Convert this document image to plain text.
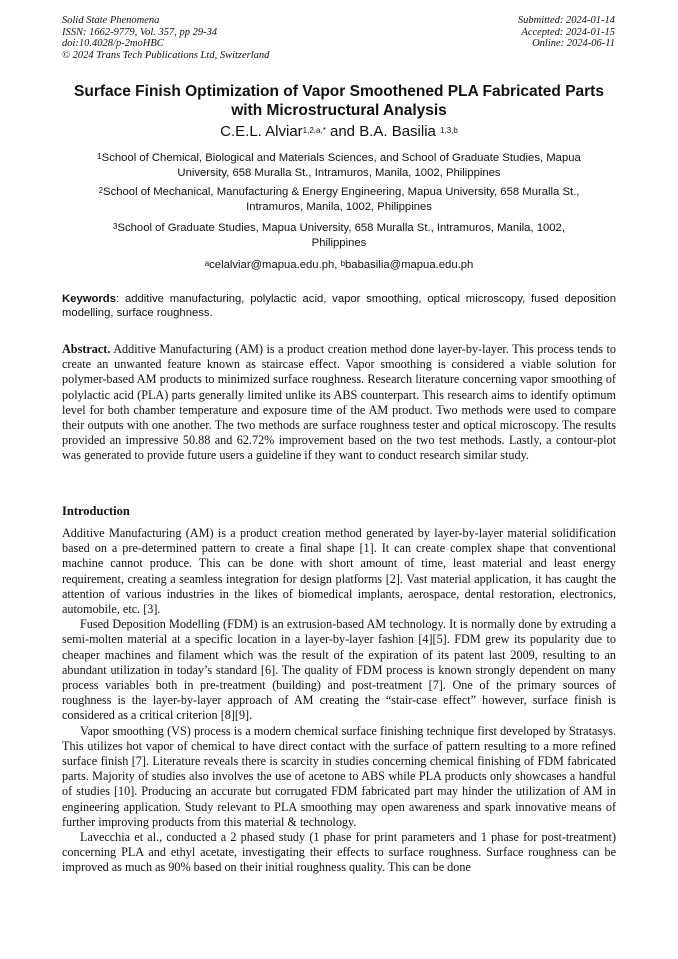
Solid State Phenomena
ISSN: 1662-9779, Vol. 357, pp 29-34
doi:10.4028/p-2moHBC
© 2024 Trans Tech Publications Ltd, Switzerland
Submitted: 2024-01-14
Accepted: 2024-01-15
Online: 2024-06-11
Surface Finish Optimization of Vapor Smoothened PLA Fabricated Parts
with Microstructural Analysis
C.E.L. Alviar$^{1,2,a,*}$ and B.A. Basilia $^{1,3,b}$
$^1$School of Chemical, Biological and Materials Sciences, and School of Graduate Studies, Mapua
University, 658 Muralla St., Intramuros, Manila, 1002, Philippines
$^2$School of Mechanical, Manufacturing & Energy Engineering, Mapua University, 658 Muralla St.,
Intramuros, Manila, 1002, Philippines
$^3$School of Graduate Studies, Mapua University, 658 Muralla St., Intramuros, Manila, 1002,
Philippines
$^a$celalviar@mapua.edu.ph, $^b$babasilia@mapua.edu.ph
Keywords: additive manufacturing, polylactic acid, vapor smoothing, optical microscopy, fused deposition modelling, surface roughness.

Abstract. Additive Manufacturing (AM) is a product creation method done layer-by-layer. This process tends to create an unwanted feature known as staircase effect. Vapor smoothing is considered a viable solution for polymer-based AM products to minimized surface roughness. Research literature concerning vapor smoothing of polylactic acid (PLA) parts generally limited unlike its ABS counterpart. This research aims to identify optimum level for both chamber temperature and exposure time of the AM product. Two methods were used to compare their outputs with one another. The two methods are surface roughness tester and optical microscopy. The results provided an impressive 50.88 and 62.72% improvement based on the two test methods. Lastly, a contour-plot was generated to provide future users a guideline if they want to conduct research similar study.

Introduction

Additive Manufacturing (AM) is a product creation method generated by layer-by-layer material solidification based on a pre-determined pattern to create a final shape [1]. It can create complex shape that conventional machine cannot produce. This can be done with short amount of time, least material and least energy requirement, creating a seamless integration for design platforms [2]. Vast material application, it has caught the attention of various industries in the likes of biomedical implants, aerospace, dental restoration, electronics, automobile, etc. [3].

Fused Deposition Modelling (FDM) is an extrusion-based AM technology. It is normally done by extruding a semi-molten material at a specific location in a layer-by-layer fashion [4][5]. FDM grew its popularity due to cheaper machines and filament which was the result of the expiration of its patent last 2009, resulting to an abundant utilization in today’s standard [6]. The quality of FDM process is known strongly dependent on many process variables both in pre-treatment (building) and post-treatment [7]. One of the primary sources of roughness is the layer-by-layer approach of AM creating the “stair-case effect” however, surface finish is considered as a critical criterion [8][9].

Vapor smoothing (VS) process is a modern chemical surface finishing technique first developed by Stratasys. This utilizes hot vapor of chemical to have direct contact with the surface of pattern resulting to a more refined surface finish [7]. Literature reveals there is scarcity in studies concerning chemical finishing of FDM fabricated parts. Majority of studies also involves the use of acetone to ABS while PLA products only showcases a handful of studies [10]. Producing an accurate but corrugated FDM fabricated part may hinder the utilization of AM in engineering application. Study relevant to PLA smoothing may open awareness and spark innovative means of further improving products from this material & technology.

Lavecchia et al., conducted a 2 phased study (1 phase for print parameters and 1 phase for post-treatment) concerning PLA and ethyl acetate, investigating their effects to surface roughness. Surface roughness can be improved as much as 90% based on their initial roughness quality. This can be done
